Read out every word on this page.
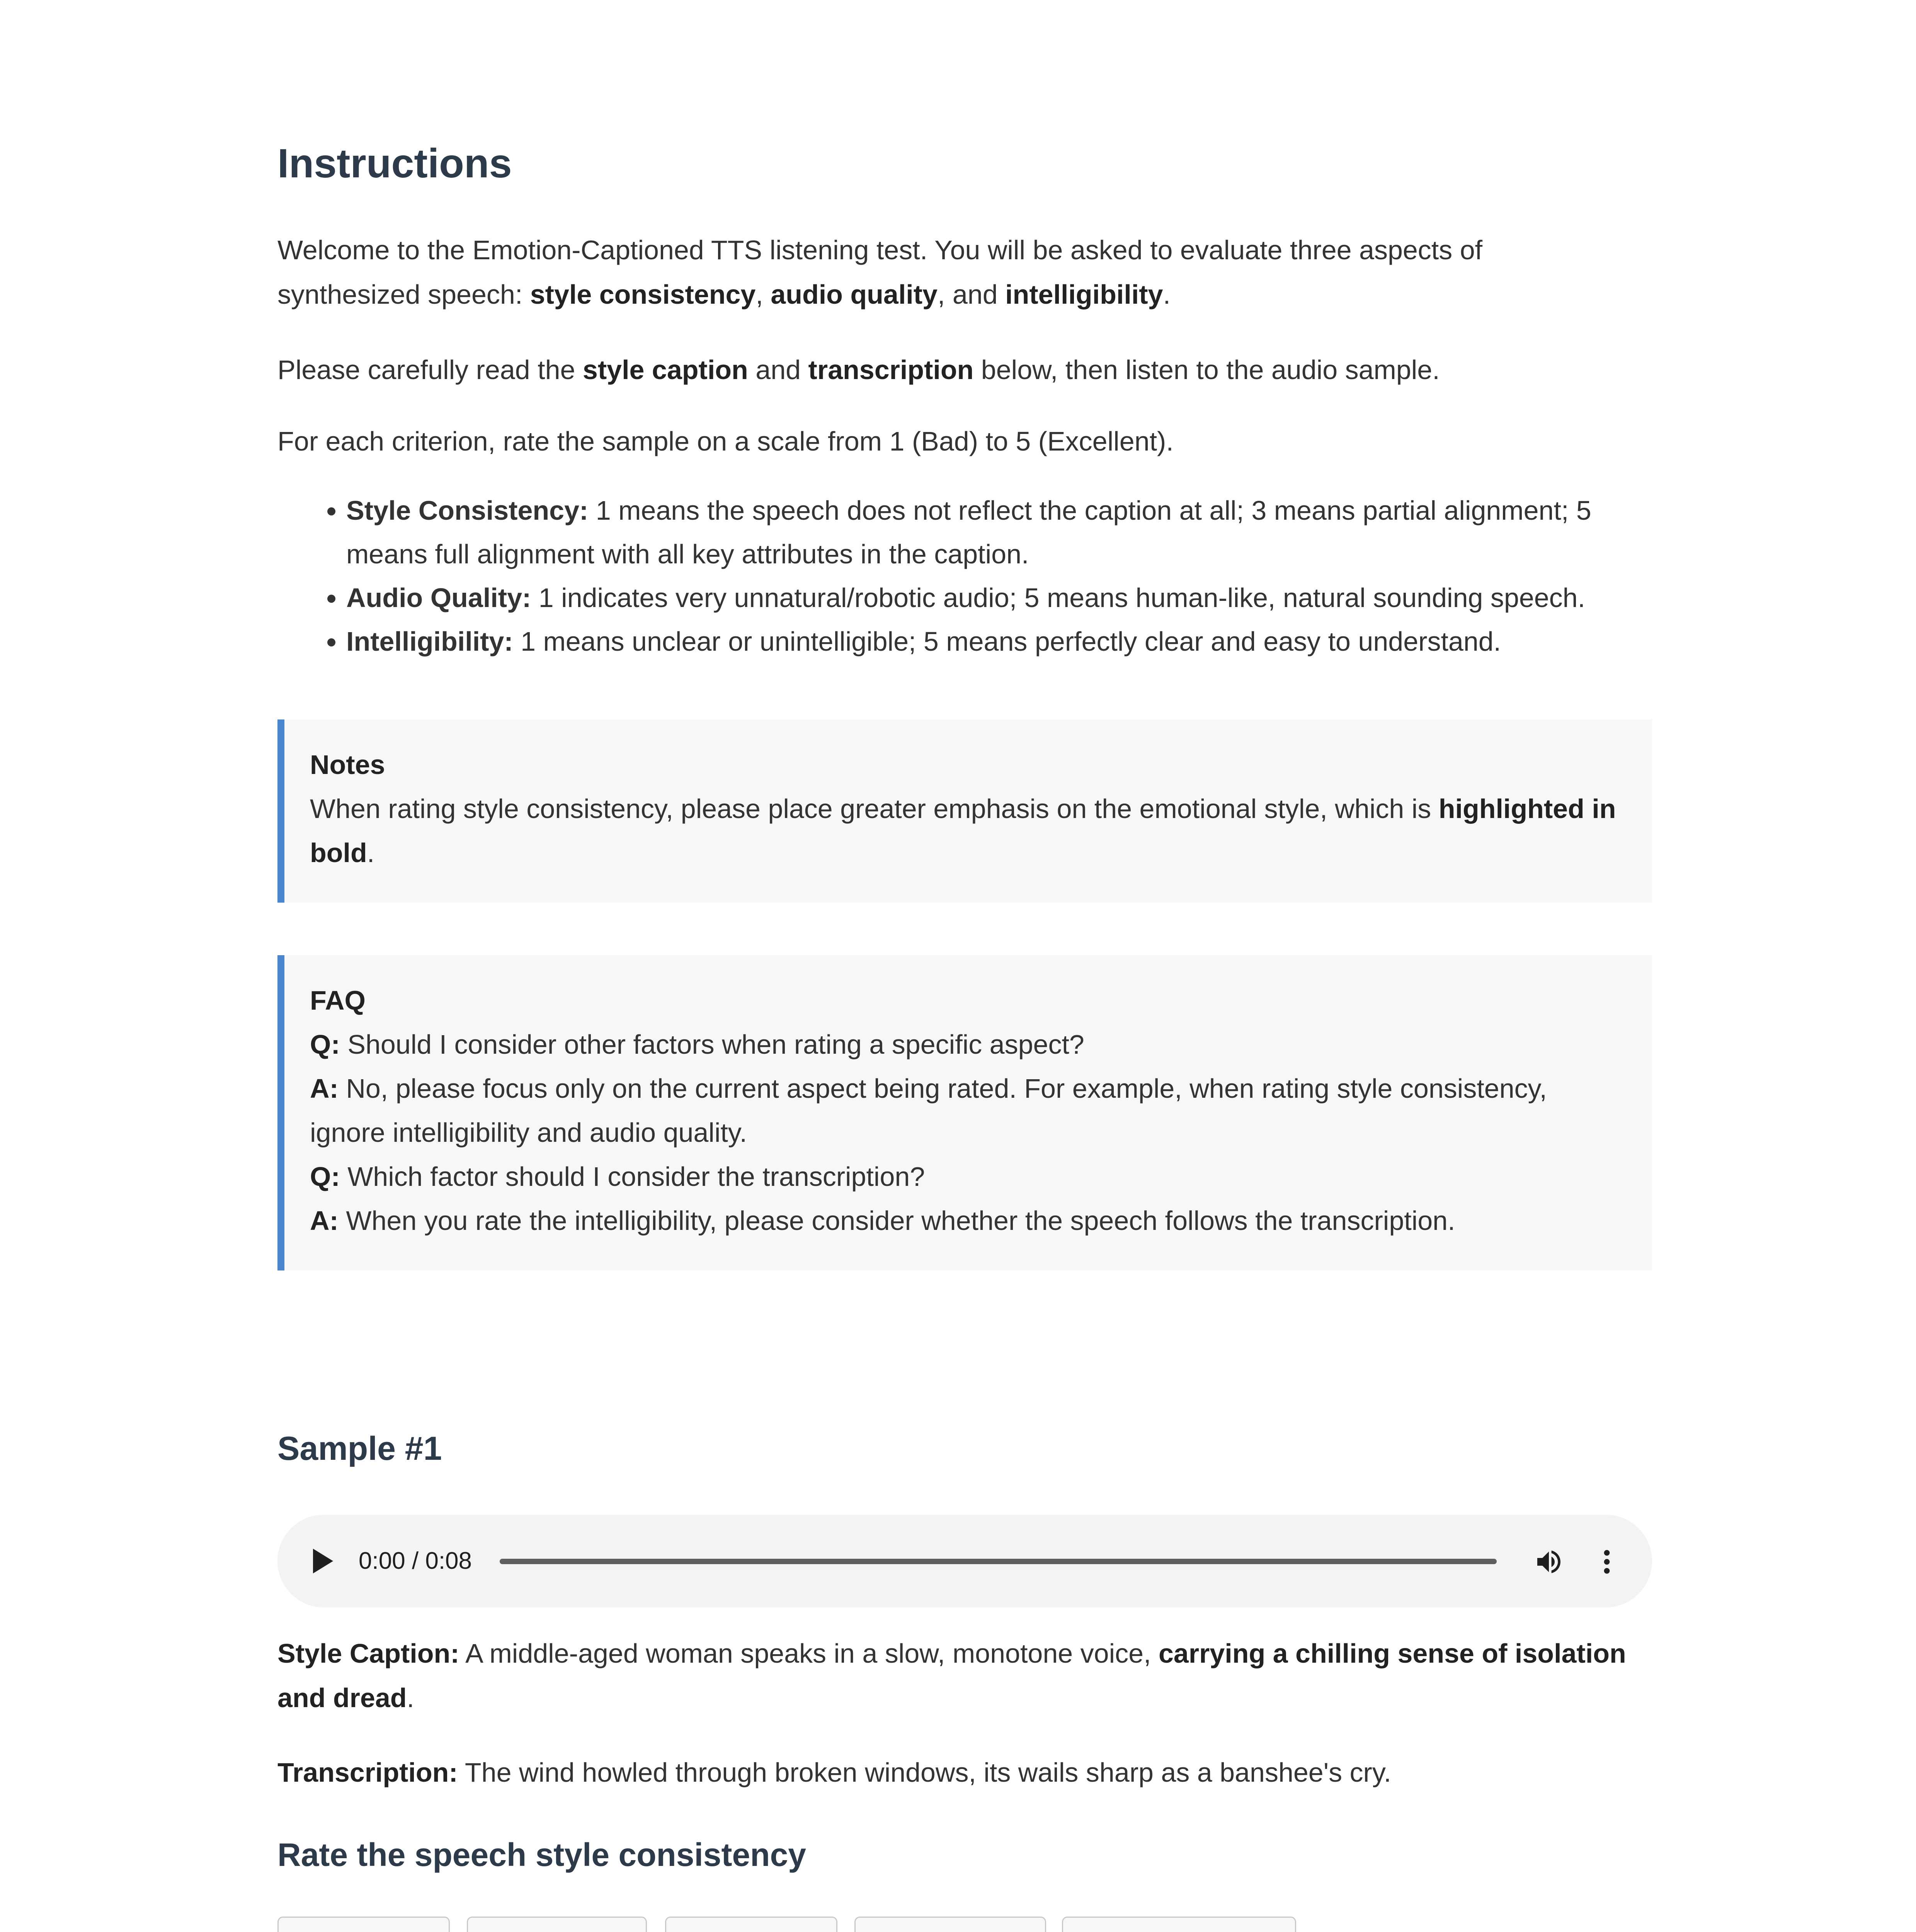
Instructions

Welcome to the Emotion-Captioned TTS listening test. You will be asked to evaluate three aspects of
synthesized speech: style consistency, audio quality, and intelligibility.

Please carefully read the style caption and transcription below, then listen to the audio sample.

For each criterion, rate the sample on a scale from 1 (Bad) to 5 (Excellent).

• Style Consistency: 1 means the speech does not reflect the caption at all; 3 means partial alignment; 5 means full alignment with all key attributes in the caption.
• Audio Quality: 1 indicates very unnatural/robotic audio; 5 means human-like, natural sounding speech.
• Intelligibility: 1 means unclear or unintelligible; 5 means perfectly clear and easy to understand.
Notes
When rating style consistency, please place greater emphasis on the emotional style, which is highlighted in bold.
FAQ
Q: Should I consider other factors when rating a specific aspect?
A: No, please focus only on the current aspect being rated. For example, when rating style consistency, ignore intelligibility and audio quality.
Q: Which factor should I consider the transcription?
A: When you rate the intelligibility, please consider whether the speech follows the transcription.
Sample #1
0:00 / 0:08

Style Caption: A middle-aged woman speaks in a slow, monotone voice, carrying a chilling sense of isolation and dread.

Transcription: The wind howled through broken windows, its wails sharp as a banshee's cry.

Rate the speech style consistency
